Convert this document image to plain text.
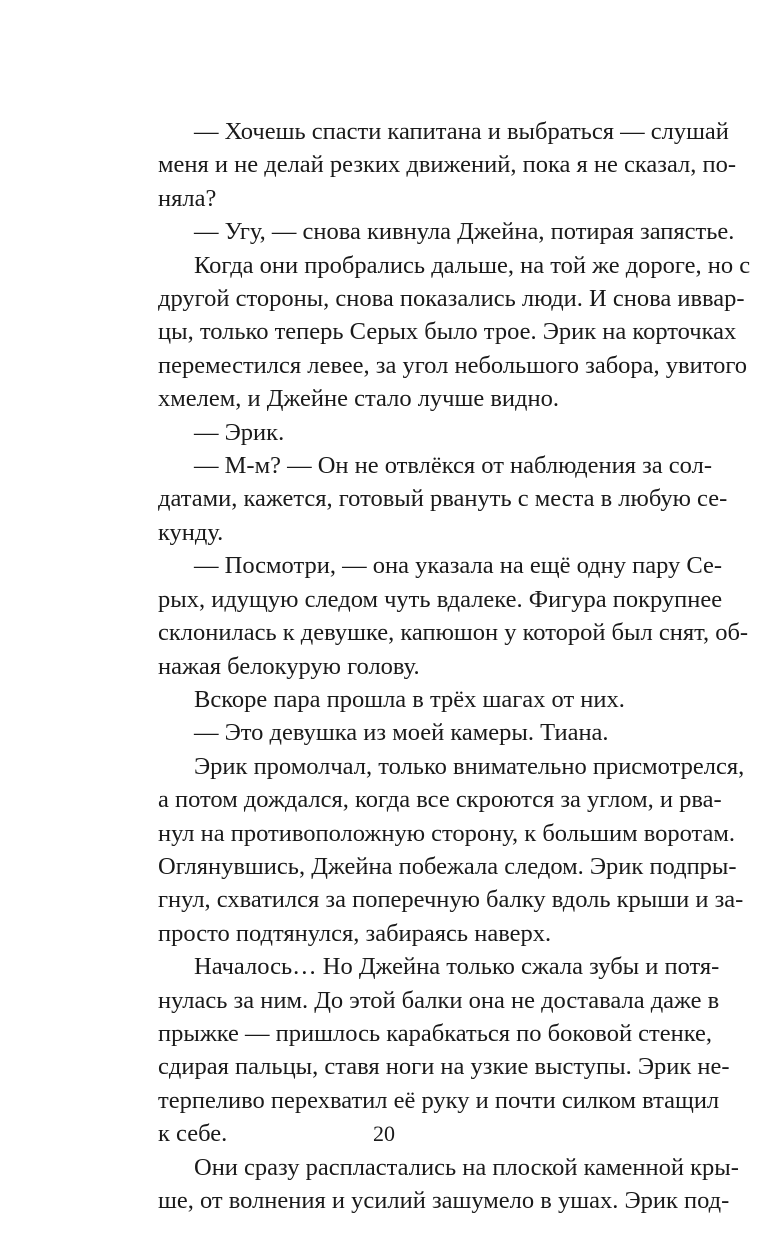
— Хочешь спасти капитана и выбраться — слушай
меня и не делай резких движений, пока я не сказал, по-
няла?
— Угу, — снова кивнула Джейна, потирая запястье.
Когда они пробрались дальше, на той же дороге, но с
другой стороны, снова показались люди. И снова иввар-
цы, только теперь Серых было трое. Эрик на корточках
переместился левее, за угол небольшого забора, увитого
хмелем, и Джейне стало лучше видно.
— Эрик.
— М-м? — Он не отвлёкся от наблюдения за сол-
датами, кажется, готовый рвануть с места в любую се-
кунду.
— Посмотри, — она указала на ещё одну пару Се-
рых, идущую следом чуть вдалеке. Фигура покрупнее
склонилась к девушке, капюшон у которой был снят, об-
нажая белокурую голову.
Вскоре пара прошла в трёх шагах от них.
— Это девушка из моей камеры. Тиана.
Эрик промолчал, только внимательно присмотрелся,
а потом дождался, когда все скроются за углом, и рва-
нул на противоположную сторону, к большим воротам.
Оглянувшись, Джейна побежала следом. Эрик подпры-
гнул, схватился за поперечную балку вдоль крыши и за-
просто подтянулся, забираясь наверх.
Началось… Но Джейна только сжала зубы и потя-
нулась за ним. До этой балки она не доставала даже в
прыжке — пришлось карабкаться по боковой стенке,
сдирая пальцы, ставя ноги на узкие выступы. Эрик не-
терпеливо перехватил её руку и почти силком втащил
к себе.
Они сразу распластались на плоской каменной кры-
ше, от волнения и усилий зашумело в ушах. Эрик под-
20
